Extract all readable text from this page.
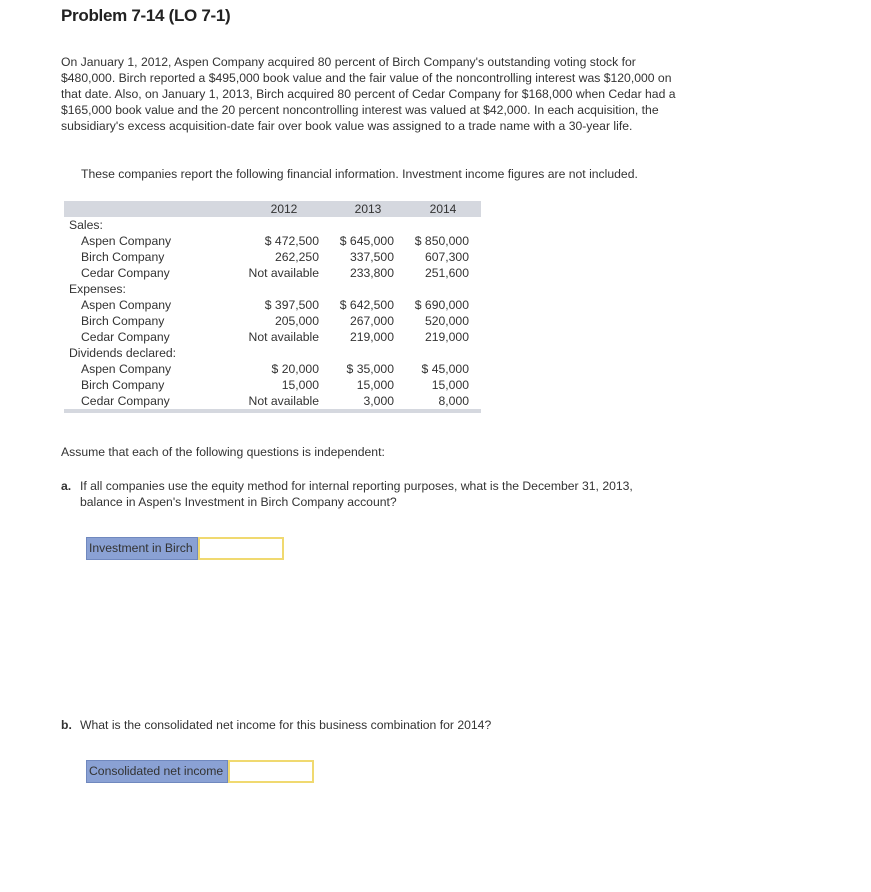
Problem 7-14 (LO 7-1)
On January 1, 2012, Aspen Company acquired 80 percent of Birch Company's outstanding voting stock for $480,000. Birch reported a $495,000 book value and the fair value of the noncontrolling interest was $120,000 on that date. Also, on January 1, 2013, Birch acquired 80 percent of Cedar Company for $168,000 when Cedar had a $165,000 book value and the 20 percent noncontrolling interest was valued at $42,000. In each acquisition, the subsidiary's excess acquisition-date fair over book value was assigned to a trade name with a 30-year life.
These companies report the following financial information. Investment income figures are not included.
2012	2013	2014
Sales:
Aspen Company	$ 472,500 $ 645,000 $ 850,000
Birch Company	262,250	337,500	607,300
Cedar Company	Not available	233,800	251,600
Expenses:
Aspen Company	$ 397,500 $ 642,500 $ 690,000
Birch Company	205,000	267,000	520,000
Cedar Company	Not available	219,000	219,000
Dividends declared:
Aspen Company	$ 20,000 $ 35,000 $ 45,000
Birch Company	15,000	15,000	15,000
Cedar Company	Not available	3,000	8,000
Assume that each of the following questions is independent:
a. If all companies use the equity method for internal reporting purposes, what is the December 31, 2013,
balance in Aspen's Investment in Birch Company account?
Investment in Birch
b. What is the consolidated net income for this business combination for 2014?
Consolidated net income
